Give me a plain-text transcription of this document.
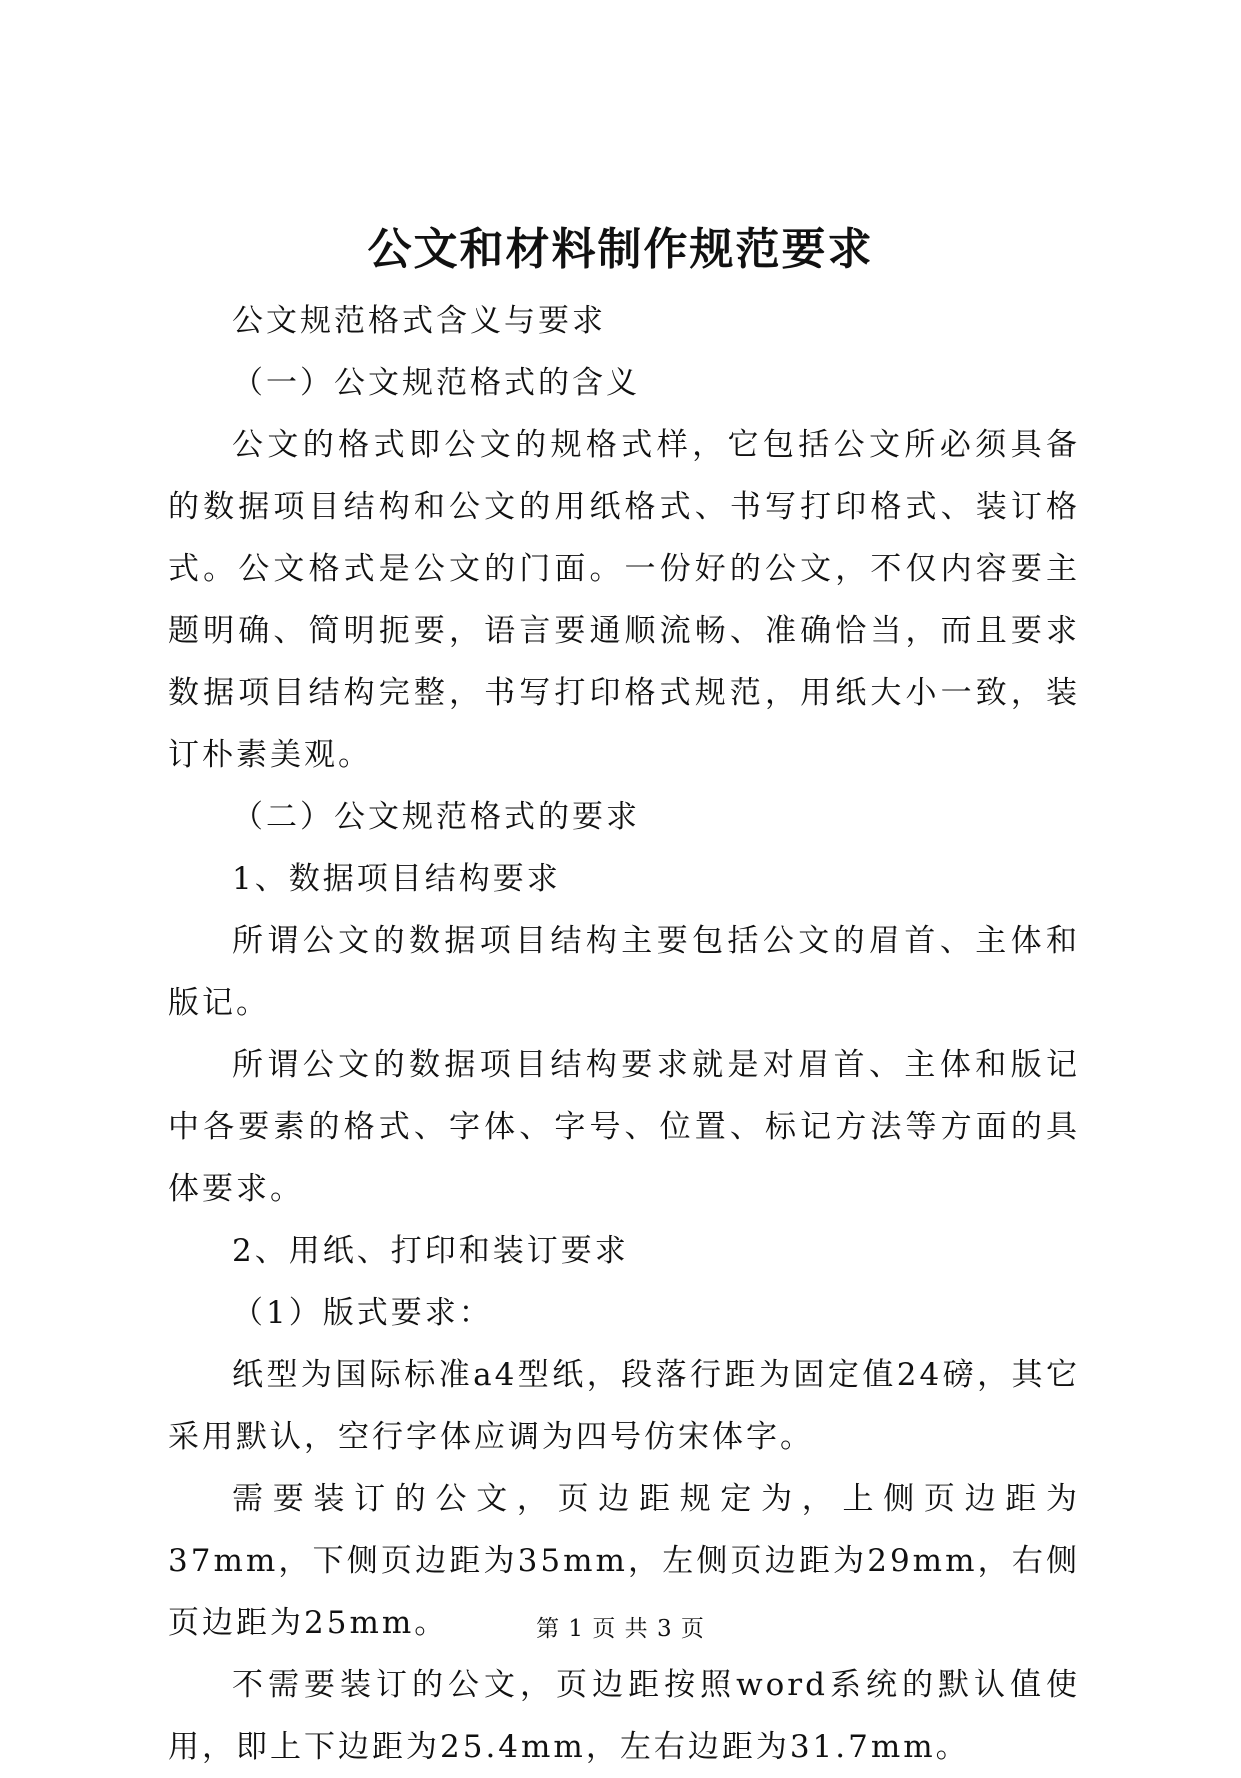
公文和材料制作规范要求

公文规范格式含义与要求

（一）公文规范格式的含义

公文的格式即公文的规格式样，它包括公文所必须具备的数据项目结构和公文的用纸格式、书写打印格式、装订格式。公文格式是公文的门面。一份好的公文，不仅内容要主题明确、简明扼要，语言要通顺流畅、准确恰当，而且要求数据项目结构完整，书写打印格式规范，用纸大小一致，装订朴素美观。

（二）公文规范格式的要求

1、数据项目结构要求

所谓公文的数据项目结构主要包括公文的眉首、主体和版记。

所谓公文的数据项目结构要求就是对眉首、主体和版记中各要素的格式、字体、字号、位置、标记方法等方面的具体要求。

2、用纸、打印和装订要求

（1）版式要求：

纸型为国际标准a4型纸，段落行距为固定值24磅，其它采用默认，空行字体应调为四号仿宋体字。

需要装订的公文，页边距规定为，上侧页边距为37mm，下侧页边距为35mm，左侧页边距为29mm，右侧页边距为25mm。

不需要装订的公文，页边距按照word系统的默认值使用，即上下边距为25.4mm，左右边距为31.7mm。

第 1 页 共 3 页
